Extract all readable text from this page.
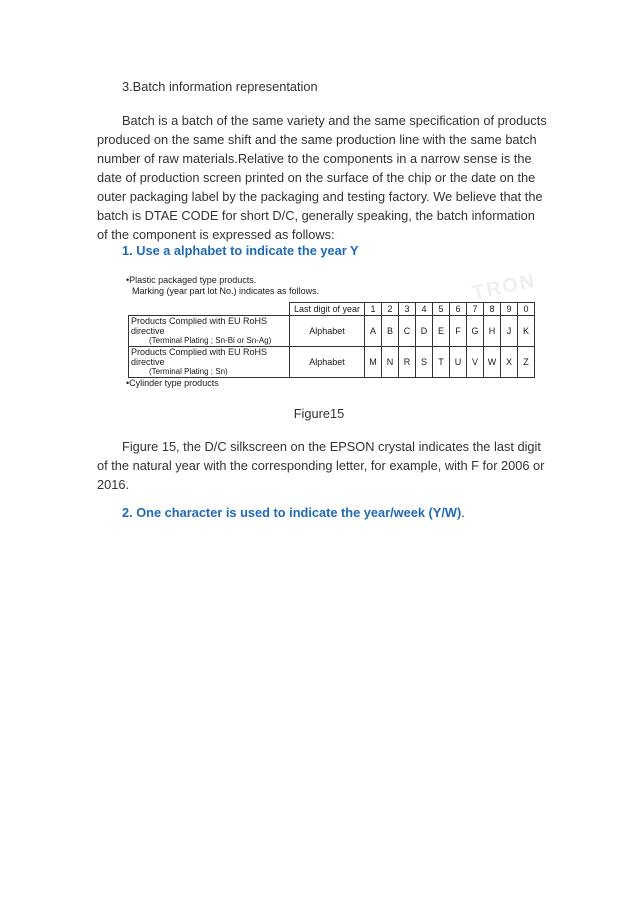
3.Batch information representation

Batch is a batch of the same variety and the same specification of products produced on the same shift and the same production line with the same batch number of raw materials.Relative to the components in a narrow sense is the date of production screen printed on the surface of the chip or the date on the outer packaging label by the packaging and testing factory. We believe that the batch is DTAE CODE for short D/C, generally speaking, the batch information of the component is expressed as follows:

1. Use a alphabet to indicate the year Y

TRON
•Plastic packaged type products.
Marking (year part lot No.) indicates as follows.
	Last digit of year	1	2	3	4	5	6	7	8	9	0
Products Complied with EU RoHS directive
(Terminal Plating ; Sn-Bi or Sn-Ag)	Alphabet	A	B	C	D	E	F	G	H	J	K
Products Complied with EU RoHS directive
(Terminal Plating ; Sn)	Alphabet	M	N	R	S	T	U	V	W	X	Z
•Cylinder type products
Figure15

Figure 15, the D/C silkscreen on the EPSON crystal indicates the last digit of the natural year with the corresponding letter, for example, with F for 2006 or 2016.

2. One character is used to indicate the year/week (Y/W).
